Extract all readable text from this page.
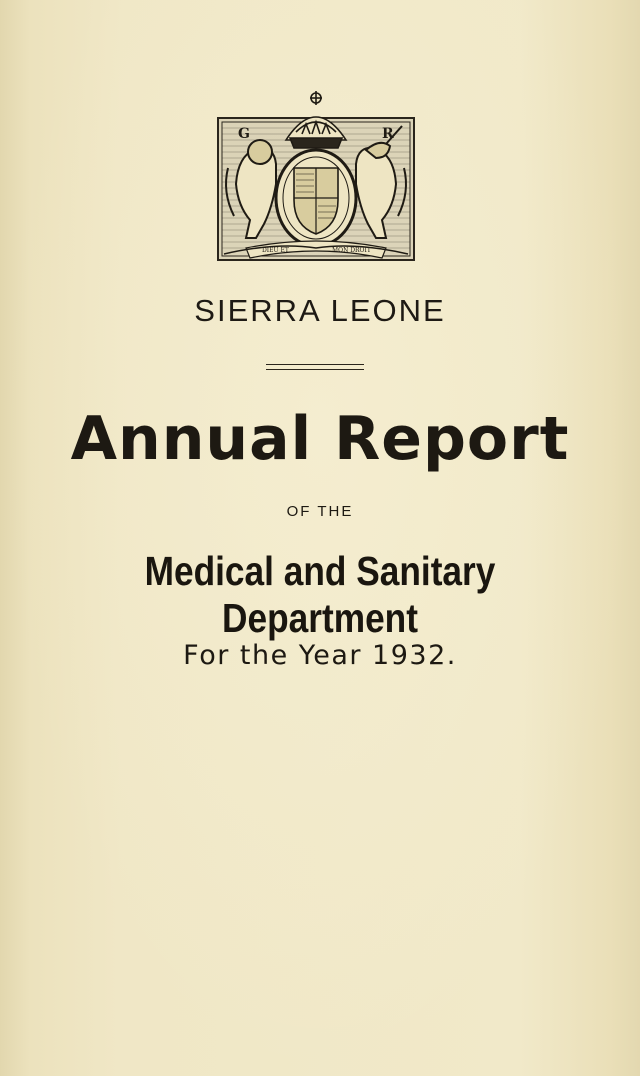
G	R
DIEU ET	MON DROIT
SIERRA LEONE
Annual Report
OF THE
Medical and Sanitary Department
For the Year 1932.
